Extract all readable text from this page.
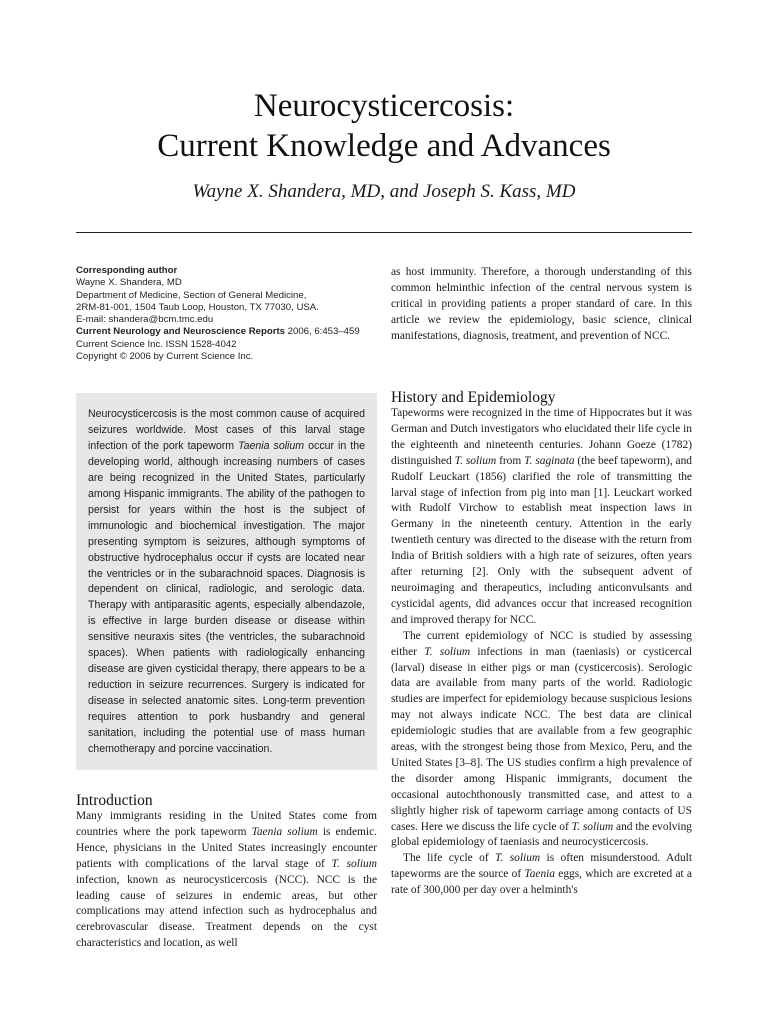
Neurocysticercosis:
Current Knowledge and Advances
Wayne X. Shandera, MD, and Joseph S. Kass, MD
Corresponding author
Wayne X. Shandera, MD
Department of Medicine, Section of General Medicine,
2RM-81-001, 1504 Taub Loop, Houston, TX 77030, USA.
E-mail: shandera@bcm.tmc.edu
Current Neurology and Neuroscience Reports 2006, 6:453–459
Current Science Inc. ISSN 1528-4042
Copyright © 2006 by Current Science Inc.
Neurocysticercosis is the most common cause of acquired seizures worldwide. Most cases of this larval stage infection of the pork tapeworm Taenia solium occur in the developing world, although increasing numbers of cases are being recognized in the United States, particularly among Hispanic immigrants. The ability of the pathogen to persist for years within the host is the subject of immunologic and biochemical investigation. The major presenting symptom is seizures, although symptoms of obstructive hydrocephalus occur if cysts are located near the ventricles or in the subarachnoid spaces. Diagnosis is dependent on clinical, radiologic, and serologic data. Therapy with antiparasitic agents, especially albendazole, is effective in large burden disease or disease within sensitive neuraxis sites (the ventricles, the subarachnoid spaces). When patients with radiologically enhancing disease are given cysticidal therapy, there appears to be a reduction in seizure recurrences. Surgery is indicated for disease in selected anatomic sites. Long-term prevention requires attention to pork husbandry and general sanitation, including the potential use of mass human chemotherapy and porcine vaccination.
Introduction

Many immigrants residing in the United States come from countries where the pork tapeworm Taenia solium is endemic. Hence, physicians in the United States increasingly encounter patients with complications of the larval stage of T. solium infection, known as neurocysticercosis (NCC). NCC is the leading cause of seizures in endemic areas, but other complications may attend infection such as hydrocephalus and cerebrovascular disease. Treatment depends on the cyst characteristics and location, as well

as host immunity. Therefore, a thorough understanding of this common helminthic infection of the central nervous system is critical in providing patients a proper standard of care. In this article we review the epidemiology, basic science, clinical manifestations, diagnosis, treatment, and prevention of NCC.

History and Epidemiology

Tapeworms were recognized in the time of Hippocrates but it was German and Dutch investigators who elucidated their life cycle in the eighteenth and nineteenth centuries. Johann Goeze (1782) distinguished T. solium from T. saginata (the beef tapeworm), and Rudolf Leuckart (1856) clarified the role of transmitting the larval stage of infection from pig into man [1]. Leuckart worked with Rudolf Virchow to establish meat inspection laws in Germany in the nineteenth century. Attention in the early twentieth century was directed to the disease with the return from India of British soldiers with a high rate of seizures, often years after returning [2]. Only with the subsequent advent of neuroimaging and therapeutics, including anticonvulsants and cysticidal agents, did advances occur that increased recognition and improved therapy for NCC.

The current epidemiology of NCC is studied by assessing either T. solium infections in man (taeniasis) or cysticercal (larval) disease in either pigs or man (cysticercosis). Serologic data are available from many parts of the world. Radiologic studies are imperfect for epidemiology because suspicious lesions may not always indicate NCC. The best data are clinical epidemiologic studies that are available from a few geographic areas, with the strongest being those from Mexico, Peru, and the United States [3–8]. The US studies confirm a high prevalence of the disorder among Hispanic immigrants, document the occasional autochthonously transmitted case, and attest to a slightly higher risk of tapeworm carriage among contacts of US cases. Here we discuss the life cycle of T. solium and the evolving global epidemiology of taeniasis and neurocysticercosis.

The life cycle of T. solium is often misunderstood. Adult tapeworms are the source of Taenia eggs, which are excreted at a rate of 300,000 per day over a helminth's
